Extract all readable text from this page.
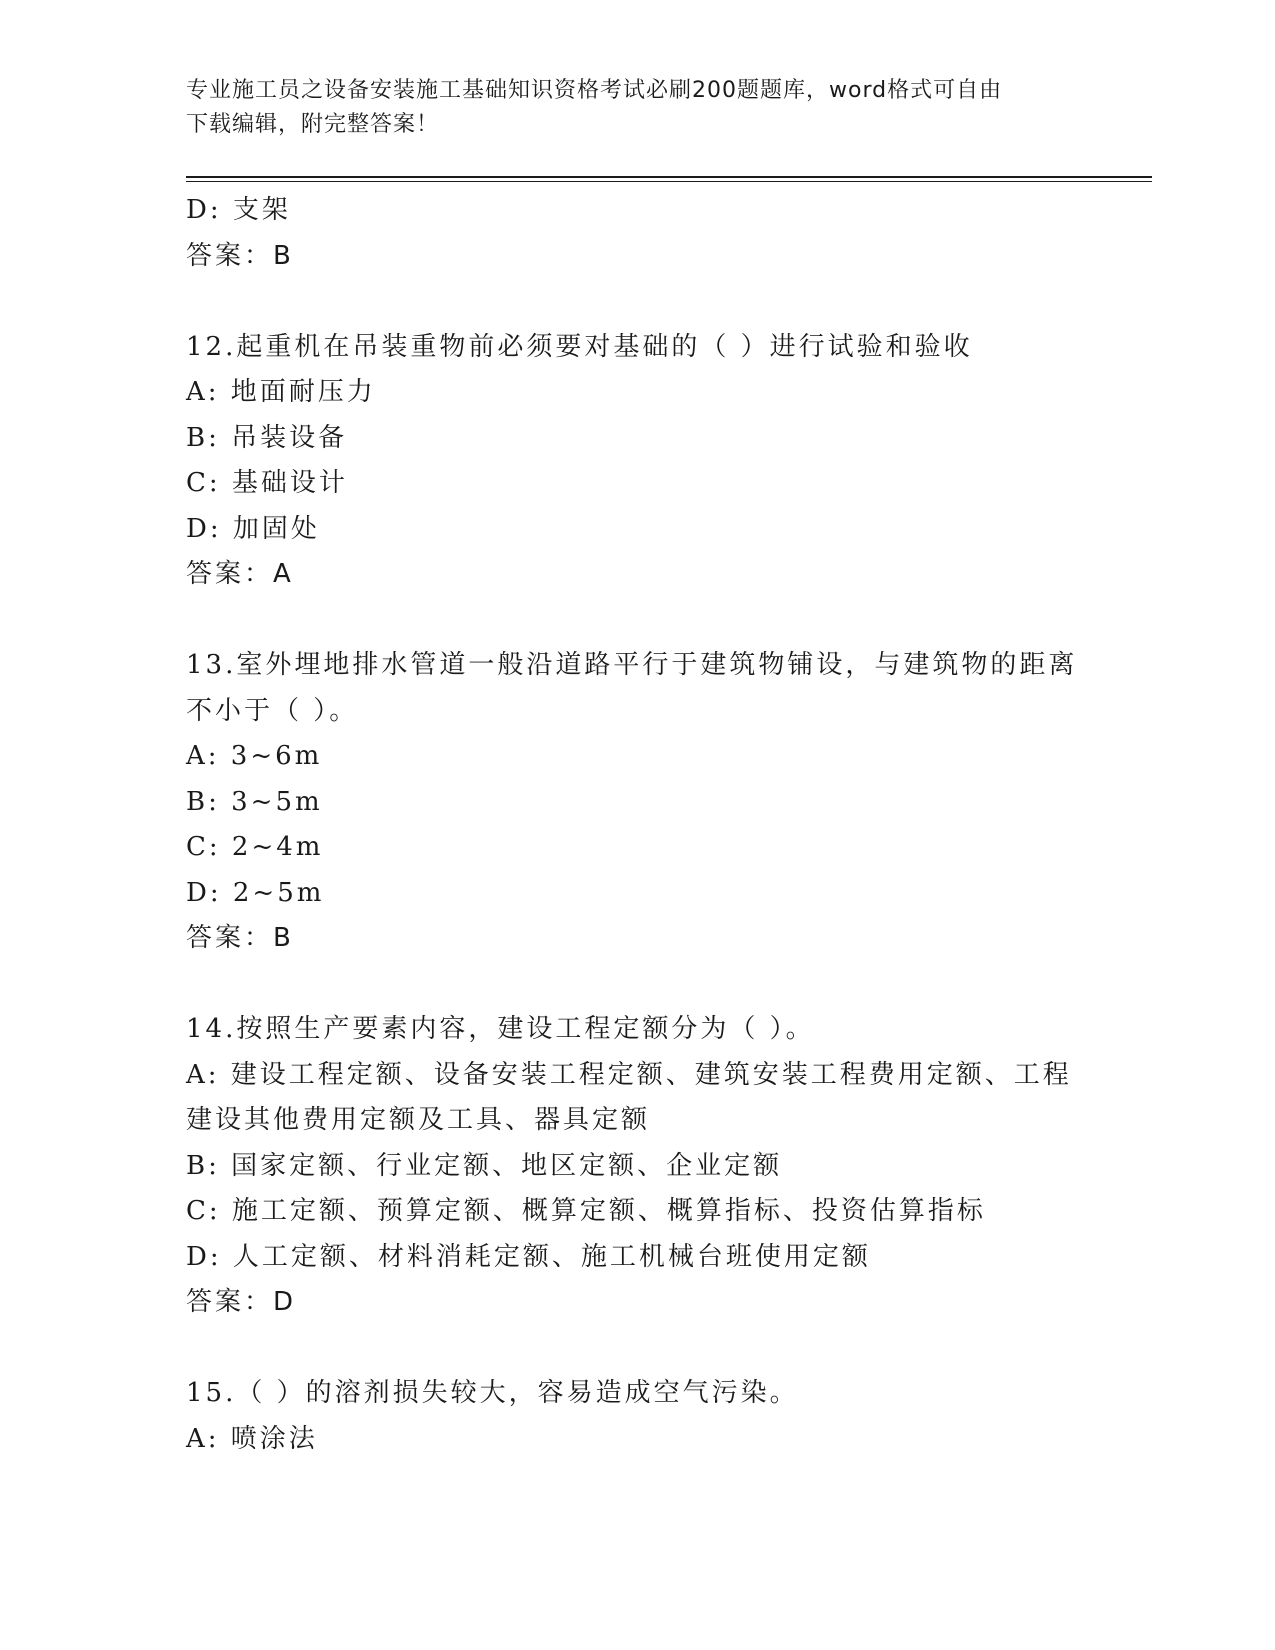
专业施工员之设备安装施工基础知识资格考试必刷200题题库，word格式可自由
下载编辑，附完整答案！
D: 支架
答案：B
12.起重机在吊装重物前必须要对基础的（ ）进行试验和验收
A: 地面耐压力
B: 吊装设备
C: 基础设计
D: 加固处
答案：A
13.室外埋地排水管道一般沿道路平行于建筑物铺设，与建筑物的距离
不小于（ ）。
A: 3~6m
B: 3~5m
C: 2~4m
D: 2~5m
答案：B
14.按照生产要素内容，建设工程定额分为（ ）。
A: 建设工程定额、设备安装工程定额、建筑安装工程费用定额、工程
建设其他费用定额及工具、器具定额
B: 国家定额、行业定额、地区定额、企业定额
C: 施工定额、预算定额、概算定额、概算指标、投资估算指标
D: 人工定额、材料消耗定额、施工机械台班使用定额
答案：D
15.（ ）的溶剂损失较大，容易造成空气污染。
A: 喷涂法
